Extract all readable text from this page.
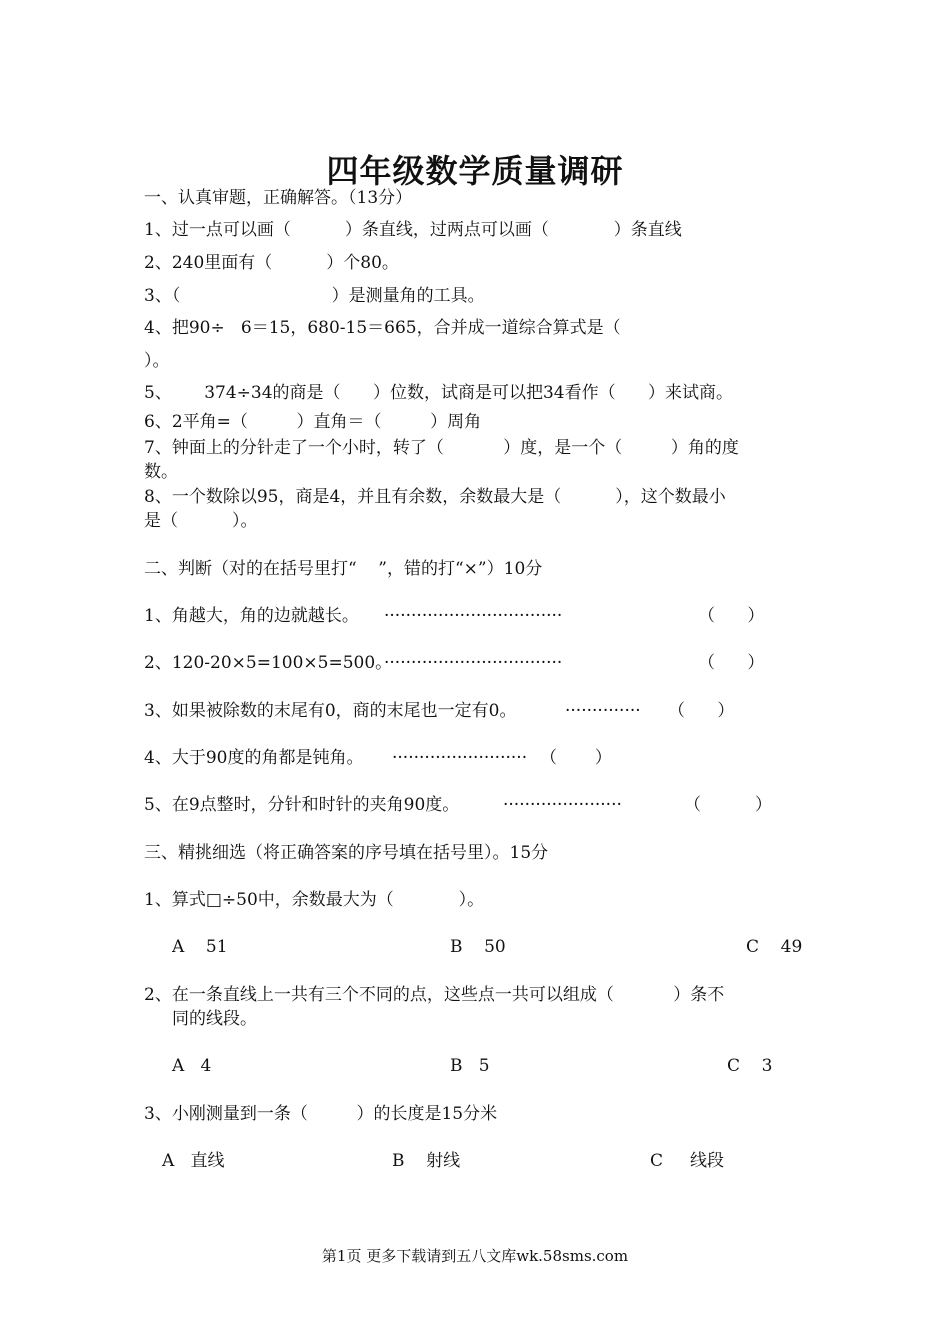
四年级数学质量调研

一、认真审题，正确解答。（13分）

1、过一点可以画（          ）条直线，过两点可以画（            ）条直线

2、240里面有（          ）个80。

3、（                            ）是测量角的工具。

4、把90÷   6＝15，680-15＝665，合并成一道综合算式是（

）。

5、      374÷34的商是（      ）位数，试商是可以把34看作（      ）来试商。

6、2平角=（         ）直角＝（         ）周角

7、钟面上的分针走了一个小时，转了（           ）度，是一个（         ）角的度

数。

8、一个数除以95，商是4，并且有余数，余数最大是（          ），这个数最小

是（          ）。

二、判断（对的在括号里打“    ”，错的打“×”）10分

1、角越大，角的边就越长。 ·································	（      ）

2、120-20×5=100×5=500。

·································	（      ）

3、如果被除数的末尾有0，商的末尾也一定有0。	·············· （      ）

4、大于90度的角都是钝角。 ························· （       ）

5、在9点整时，分针和时针的夹角90度。	······················	（          ）

三、精挑细选（将正确答案的序号填在括号里）。15分

1、算式□÷50中，余数最大为（            ）。

A    51	B    50	C    49

2、在一条直线上一共有三个不同的点，这些点一共可以组成（           ）条不

同的线段。

A   4	B   5	C    3

3、小刚测量到一条（         ）的长度是15分米

A   直线	B    射线	C     线段

第1页 更多下载请到五八文库wk.58sms.com
